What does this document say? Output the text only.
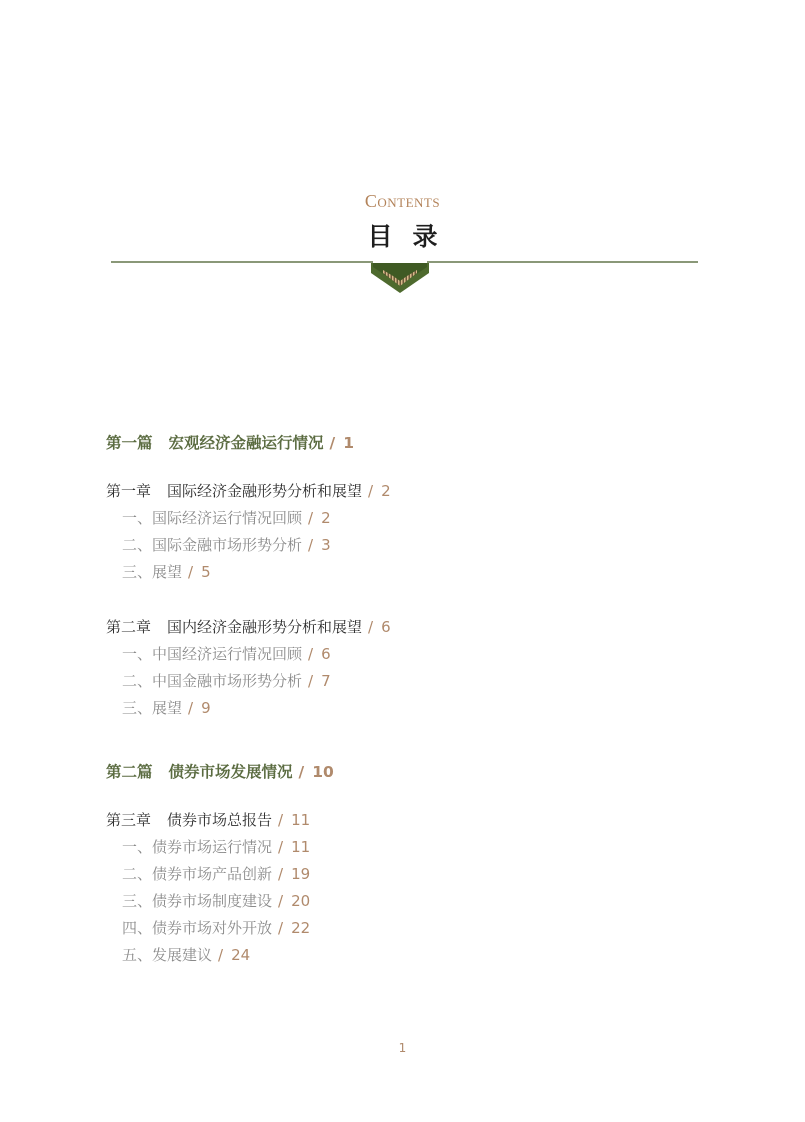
Contents
目录
第一篇 宏观经济金融运行情况 / 1
第一章 国际经济金融形势分析和展望 / 2
一、国际经济运行情况回顾 / 2
二、国际金融市场形势分析 / 3
三、展望 / 5
第二章 国内经济金融形势分析和展望 / 6
一、中国经济运行情况回顾 / 6
二、中国金融市场形势分析 / 7
三、展望 / 9
第二篇 债券市场发展情况 / 10
第三章 债券市场总报告 / 11
一、债券市场运行情况 / 11
二、债券市场产品创新 / 19
三、债券市场制度建设 / 20
四、债券市场对外开放 / 22
五、发展建议 / 24
1
